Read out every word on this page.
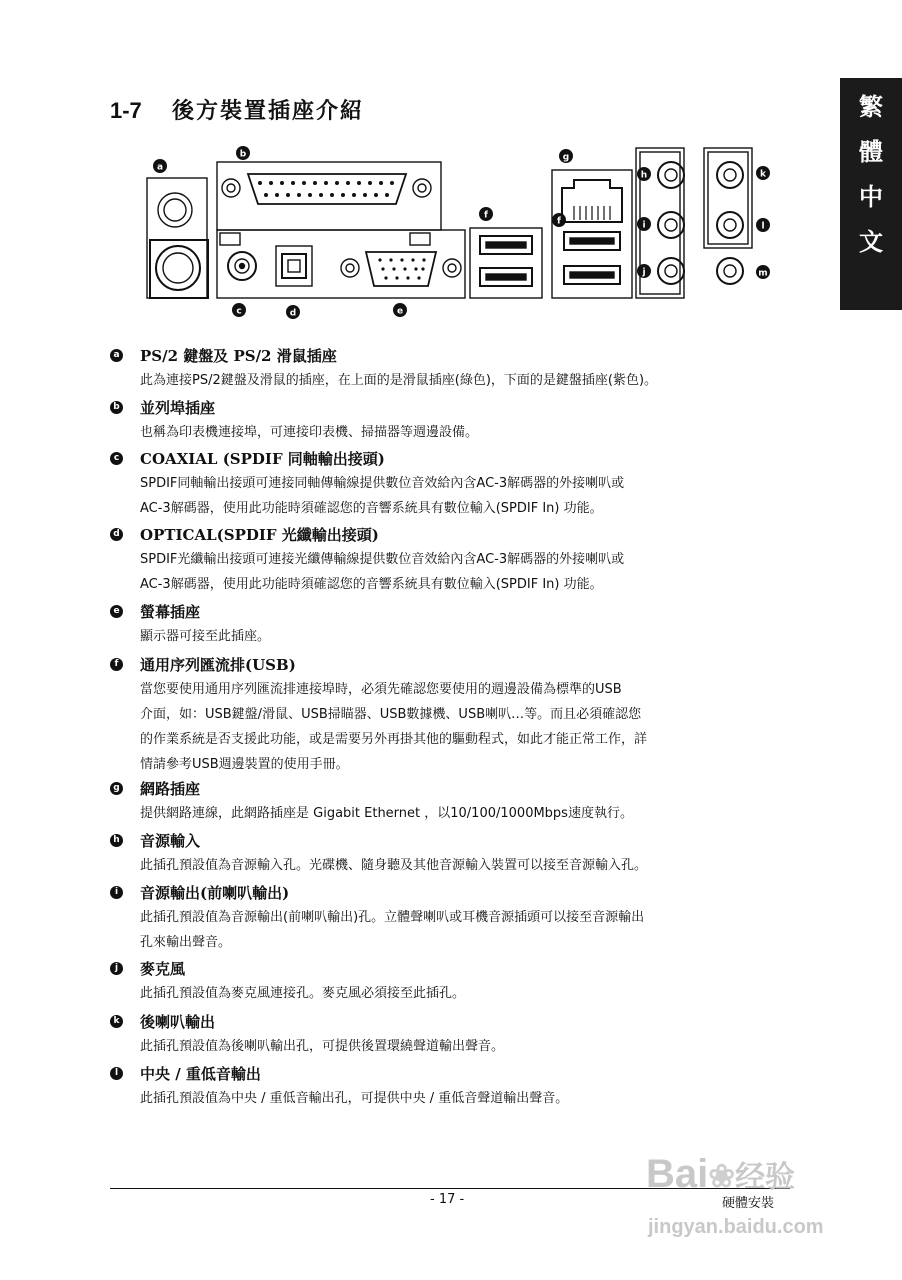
繁
體
中
文
1-7 後方裝置插座介紹
a
b
c	d	e
f
f
g
h
i
j
k
l
m
a PS/2 鍵盤及 PS/2 滑鼠插座
此為連接PS/2鍵盤及滑鼠的插座，在上面的是滑鼠插座(綠色)，下面的是鍵盤插座(紫色)。
b 並列埠插座
也稱為印表機連接埠，可連接印表機、掃描器等週邊設備。
c COAXIAL (SPDIF 同軸輸出接頭)
SPDIF同軸輸出接頭可連接同軸傳輸線提供數位音效給內含AC-3解碼器的外接喇叭或
AC-3解碼器，使用此功能時須確認您的音響系統具有數位輸入(SPDIF In) 功能。
d OPTICAL(SPDIF 光纖輸出接頭)
SPDIF光纖輸出接頭可連接光纖傳輸線提供數位音效給內含AC-3解碼器的外接喇叭或
AC-3解碼器，使用此功能時須確認您的音響系統具有數位輸入(SPDIF In) 功能。
e 螢幕插座
顯示器可接至此插座。
f	通用序列匯流排(USB)
當您要使用通用序列匯流排連接埠時，必須先確認您要使用的週邊設備為標準的USB
介面，如：USB鍵盤/滑鼠、USB掃瞄器、USB數據機、USB喇叭…等。而且必須確認您
的作業系統是否支援此功能，或是需要另外再掛其他的驅動程式，如此才能正常工作，詳
情請參考USB週邊裝置的使用手冊。
g 網路插座
提供網路連線，此網路插座是 Gigabit Ethernet ，以10/100/1000Mbps速度執行。
h 音源輸入
此插孔預設值為音源輸入孔。光碟機、隨身聽及其他音源輸入裝置可以接至音源輸入孔。
i	音源輸出(前喇叭輸出)
此插孔預設值為音源輸出(前喇叭輸出)孔。立體聲喇叭或耳機音源插頭可以接至音源輸出
孔來輸出聲音。
j	麥克風
此插孔預設值為麥克風連接孔。麥克風必須接至此插孔。
k 後喇叭輸出
此插孔預設值為後喇叭輸出孔，可提供後置環繞聲道輸出聲音。
l	中央 / 重低音輸出
此插孔預設值為中央 / 重低音輸出孔，可提供中央 / 重低音聲道輸出聲音。
- 17 -	硬體安裝
Bai❀经验
jingyan.baidu.com
